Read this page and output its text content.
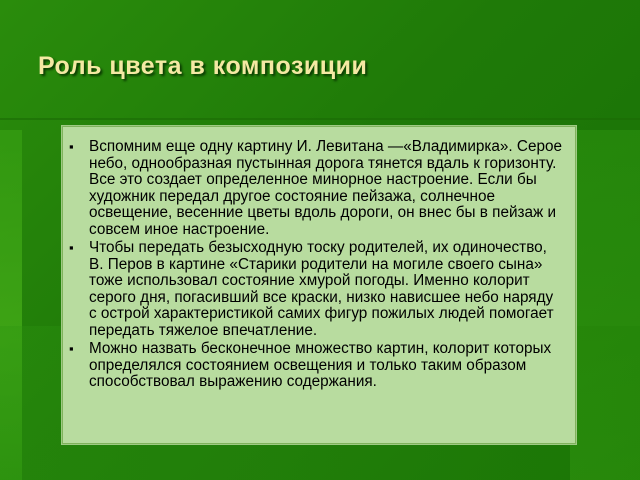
Роль цвета в композиции
▪ Вспомним еще одну картину И. Левитана —«Владимирка». Серое небо, однообразная пустынная дорога тянется вдаль к горизонту. Все это создает определенное минорное настроение. Если бы художник передал другое состояние пейзажа, солнечное освещение, весенние цветы вдоль дороги, он внес бы в пейзаж и совсем иное настроение.
▪ Чтобы передать безысходную тоску родителей, их одиночество, В. Перов в картине «Старики родители на могиле своего сына» тоже использовал состояние хмурой погоды. Именно колорит серого дня, погасивший все краски, низко нависшее небо наряду с острой характеристикой самих фигур пожилых людей помогает передать тяжелое впечатление.
▪ Можно назвать бесконечное множество картин, колорит которых определялся состоянием освещения и только таким образом способствовал выражению содержания.
